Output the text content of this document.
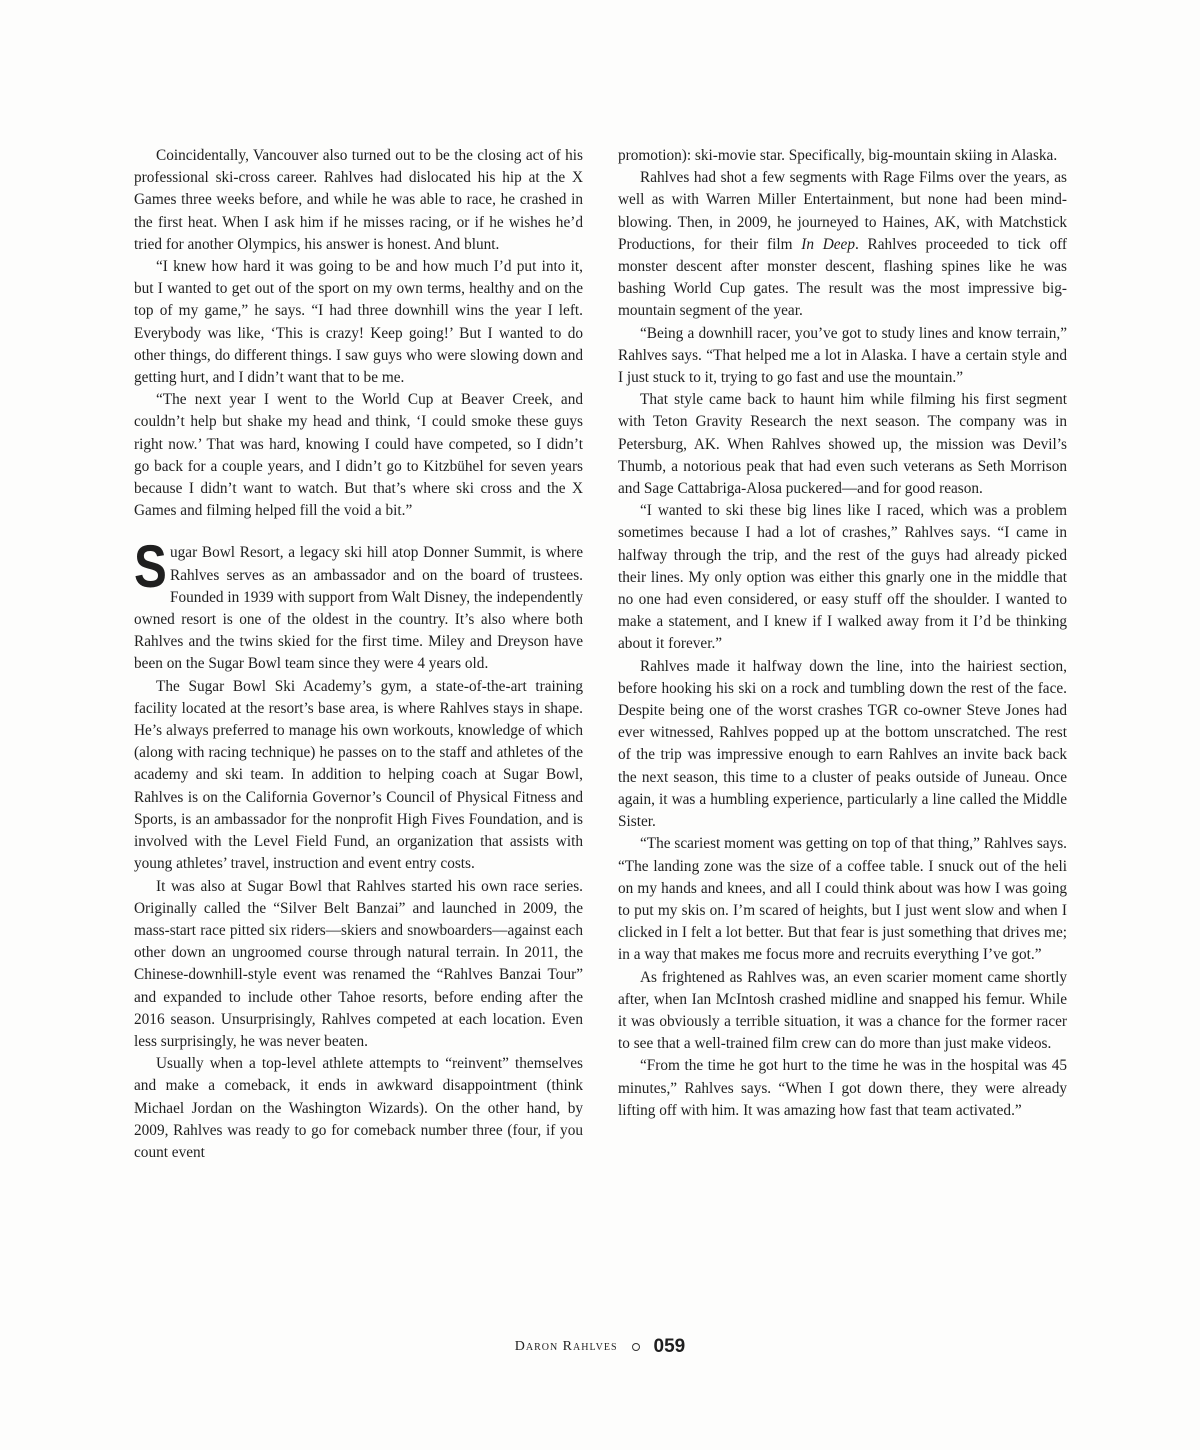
Coincidentally, Vancouver also turned out to be the closing act of his professional ski-cross career. Rahlves had dislocated his hip at the X Games three weeks before, and while he was able to race, he crashed in the first heat. When I ask him if he misses racing, or if he wishes he’d tried for another Olympics, his answer is honest. And blunt.

“I knew how hard it was going to be and how much I’d put into it, but I wanted to get out of the sport on my own terms, healthy and on the top of my game,” he says. “I had three downhill wins the year I left. Everybody was like, ‘This is crazy! Keep going!’ But I wanted to do other things, do different things. I saw guys who were slowing down and getting hurt, and I didn’t want that to be me.

“The next year I went to the World Cup at Beaver Creek, and couldn’t help but shake my head and think, ‘I could smoke these guys right now.’ That was hard, knowing I could have competed, so I didn’t go back for a couple years, and I didn’t go to Kitzbühel for seven years because I didn’t want to watch. But that’s where ski cross and the X Games and filming helped fill the void a bit.”

Sugar Bowl Resort, a legacy ski hill atop Donner Summit, is where Rahlves serves as an ambassador and on the board of trustees. Founded in 1939 with support from Walt Disney, the independently owned resort is one of the oldest in the country. It’s also where both Rahlves and the twins skied for the first time. Miley and Dreyson have been on the Sugar Bowl team since they were 4 years old.

The Sugar Bowl Ski Academy’s gym, a state-of-the-art training facility located at the resort’s base area, is where Rahlves stays in shape. He’s always preferred to manage his own workouts, knowledge of which (along with racing technique) he passes on to the staff and athletes of the academy and ski team. In addition to helping coach at Sugar Bowl, Rahlves is on the California Governor’s Council of Physical Fitness and Sports, is an ambassador for the nonprofit High Fives Foundation, and is involved with the Level Field Fund, an organization that assists with young athletes’ travel, instruction and event entry costs.

It was also at Sugar Bowl that Rahlves started his own race series. Originally called the “Silver Belt Banzai” and launched in 2009, the mass-start race pitted six riders—skiers and snowboarders—against each other down an ungroomed course through natural terrain. In 2011, the Chinese-downhill-style event was renamed the “Rahlves Banzai Tour” and expanded to include other Tahoe resorts, before ending after the 2016 season. Unsurprisingly, Rahlves competed at each location. Even less surprisingly, he was never beaten.

Usually when a top-level athlete attempts to “reinvent” themselves and make a comeback, it ends in awkward disappointment (think Michael Jordan on the Washington Wizards). On the other hand, by 2009, Rahlves was ready to go for comeback number three (four, if you count event

promotion): ski-movie star. Specifically, big-mountain skiing in Alaska.

Rahlves had shot a few segments with Rage Films over the years, as well as with Warren Miller Entertainment, but none had been mind-blowing. Then, in 2009, he journeyed to Haines, AK, with Matchstick Productions, for their film In Deep. Rahlves proceeded to tick off monster descent after monster descent, flashing spines like he was bashing World Cup gates. The result was the most impressive big-mountain segment of the year.

“Being a downhill racer, you’ve got to study lines and know terrain,” Rahlves says. “That helped me a lot in Alaska. I have a certain style and I just stuck to it, trying to go fast and use the mountain.”

That style came back to haunt him while filming his first segment with Teton Gravity Research the next season. The company was in Petersburg, AK. When Rahlves showed up, the mission was Devil’s Thumb, a notorious peak that had even such veterans as Seth Morrison and Sage Cattabriga-Alosa puckered—and for good reason.

“I wanted to ski these big lines like I raced, which was a problem sometimes because I had a lot of crashes,” Rahlves says. “I came in halfway through the trip, and the rest of the guys had already picked their lines. My only option was either this gnarly one in the middle that no one had even considered, or easy stuff off the shoulder. I wanted to make a statement, and I knew if I walked away from it I’d be thinking about it forever.”

Rahlves made it halfway down the line, into the hairiest section, before hooking his ski on a rock and tumbling down the rest of the face. Despite being one of the worst crashes TGR co-owner Steve Jones had ever witnessed, Rahlves popped up at the bottom unscratched. The rest of the trip was impressive enough to earn Rahlves an invite back back the next season, this time to a cluster of peaks outside of Juneau. Once again, it was a humbling experience, particularly a line called the Middle Sister.

“The scariest moment was getting on top of that thing,” Rahlves says. “The landing zone was the size of a coffee table. I snuck out of the heli on my hands and knees, and all I could think about was how I was going to put my skis on. I’m scared of heights, but I just went slow and when I clicked in I felt a lot better. But that fear is just something that drives me; in a way that makes me focus more and recruits everything I’ve got.”

As frightened as Rahlves was, an even scarier moment came shortly after, when Ian McIntosh crashed midline and snapped his femur. While it was obviously a terrible situation, it was a chance for the former racer to see that a well-trained film crew can do more than just make videos.

“From the time he got hurt to the time he was in the hospital was 45 minutes,” Rahlves says. “When I got down there, they were already lifting off with him. It was amazing how fast that team activated.”

Daron Rahlves 059
